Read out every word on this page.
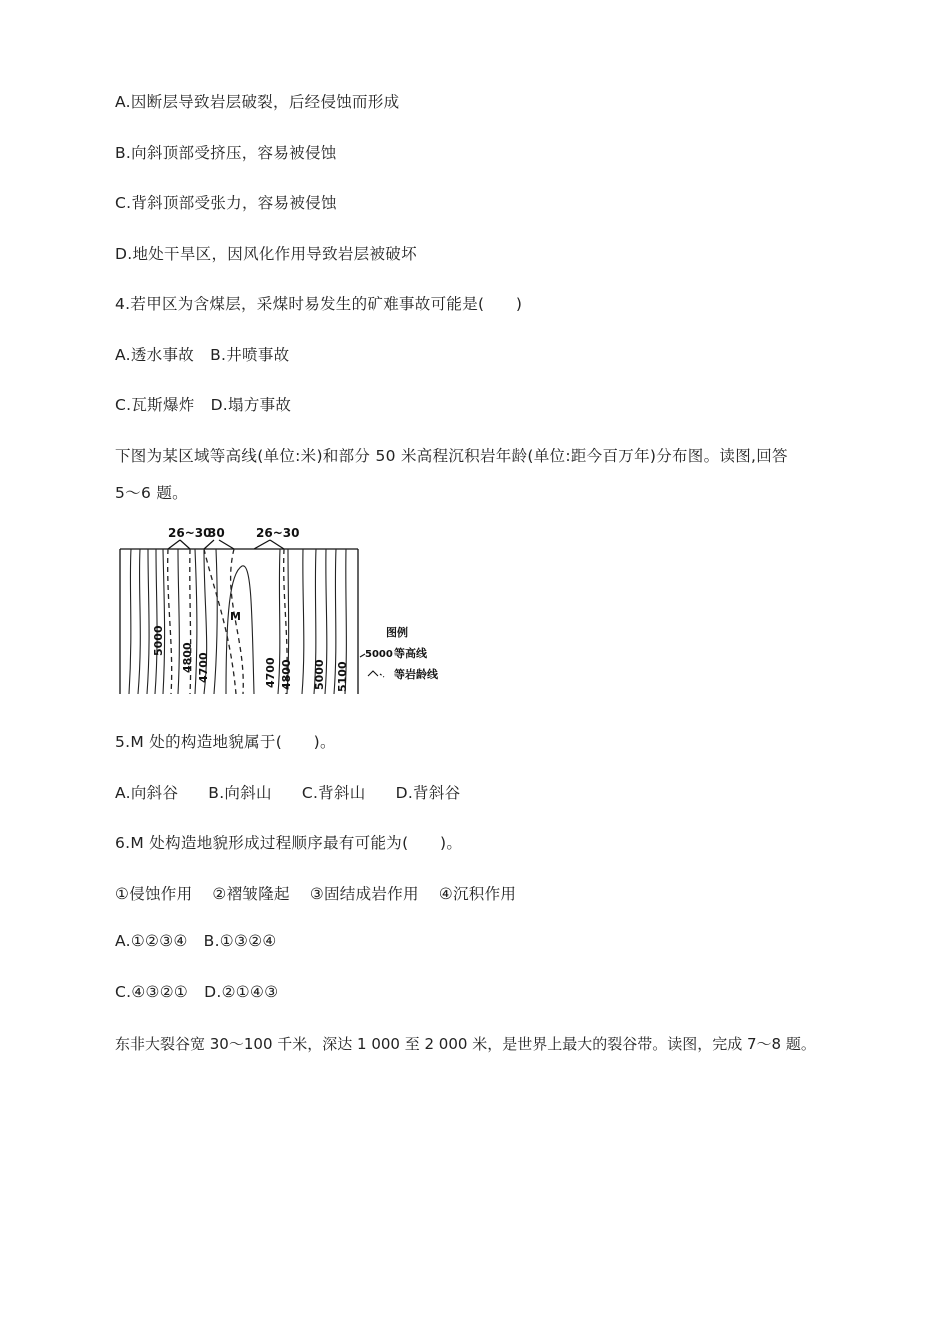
A.因断层导致岩层破裂，后经侵蚀而形成
B.向斜顶部受挤压，容易被侵蚀
C.背斜顶部受张力，容易被侵蚀
D.地处干旱区，因风化作用导致岩层被破坏
4.若甲区为含煤层，采煤时易发生的矿难事故可能是(　　)
A.透水事故 B.井喷事故
C.瓦斯爆炸 D.塌方事故
下图为某区域等高线(单位:米)和部分 50 米高程沉积岩年龄(单位:距今百万年)分布图。读图,回答
5～6 题。
26~30
30	26~30
M
5000
4800 4700	4700 4800 5000 5100
图例
5000 等高线
等岩龄线
5.M 处的构造地貌属于(　　)。
A.向斜谷 B.向斜山 C.背斜山 D.背斜谷
6.M 处构造地貌形成过程顺序最有可能为(　　)。
①侵蚀作用 ②褶皱隆起 ③固结成岩作用 ④沉积作用
A.①②③④ B.①③②④
C.④③②① D.②①④③
东非大裂谷宽 30～100 千米，深达 1 000 至 2 000 米，是世界上最大的裂谷带。读图，完成 7～8 题。
